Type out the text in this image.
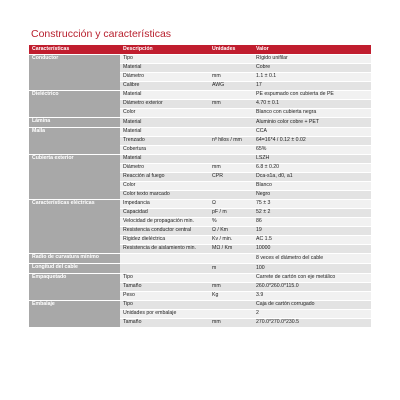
Construcción y características
Características	Descripción	Unidades	Valor
Conductor	Tipo		Rígido unifilar
	Material		Cobre
	Diámetro	mm	1.1 ± 0.1
	Calibre	AWG	17
Dieléctrico	Material		PE espumado con cubierta de PE
	Diámetro exterior	mm	4.70 ± 0.1
	Color		Blanco con cubierta negra
Lámina	Material		Aluminio color cobre + PET
Malla	Material		CCA
	Trenzado	nº hilos / mm	64=16*4 / 0.12 ± 0.02
	Cobertura		65%
Cubierta exterior	Material		LSZH
	Diámetro	mm	6.8 ± 0.20
	Reacción al fuego	CPR	Dca-s1a, d0, a1
	Color		Blanco
	Color texto marcado		Negro
Características eléctricas	Impedancia	Ω	75 ± 3
	Capacidad	pF / m	52 ± 2
	Velocidad de propagación min.	%	86
	Resistencia conductor central	Ω / Km	19
	Rigidez dieléctrica	Kv / min.	AC 1.5
	Resistencia de aislamiento min.	MΩ / Km	10000
Radio de curvatura mínimo			8 veces el diámetro del cable
Longitud del cable		m	100
Empaquetado	Tipo		Carrete de cartón con eje metálico
	Tamaño	mm	260.0*260.0*115.0
	Peso	Kg	3.9
Embalaje	Tipo		Caja de cartón corrugado
	Unidades por embalaje		2
	Tamaño	mm	270.0*270.0*230.5
